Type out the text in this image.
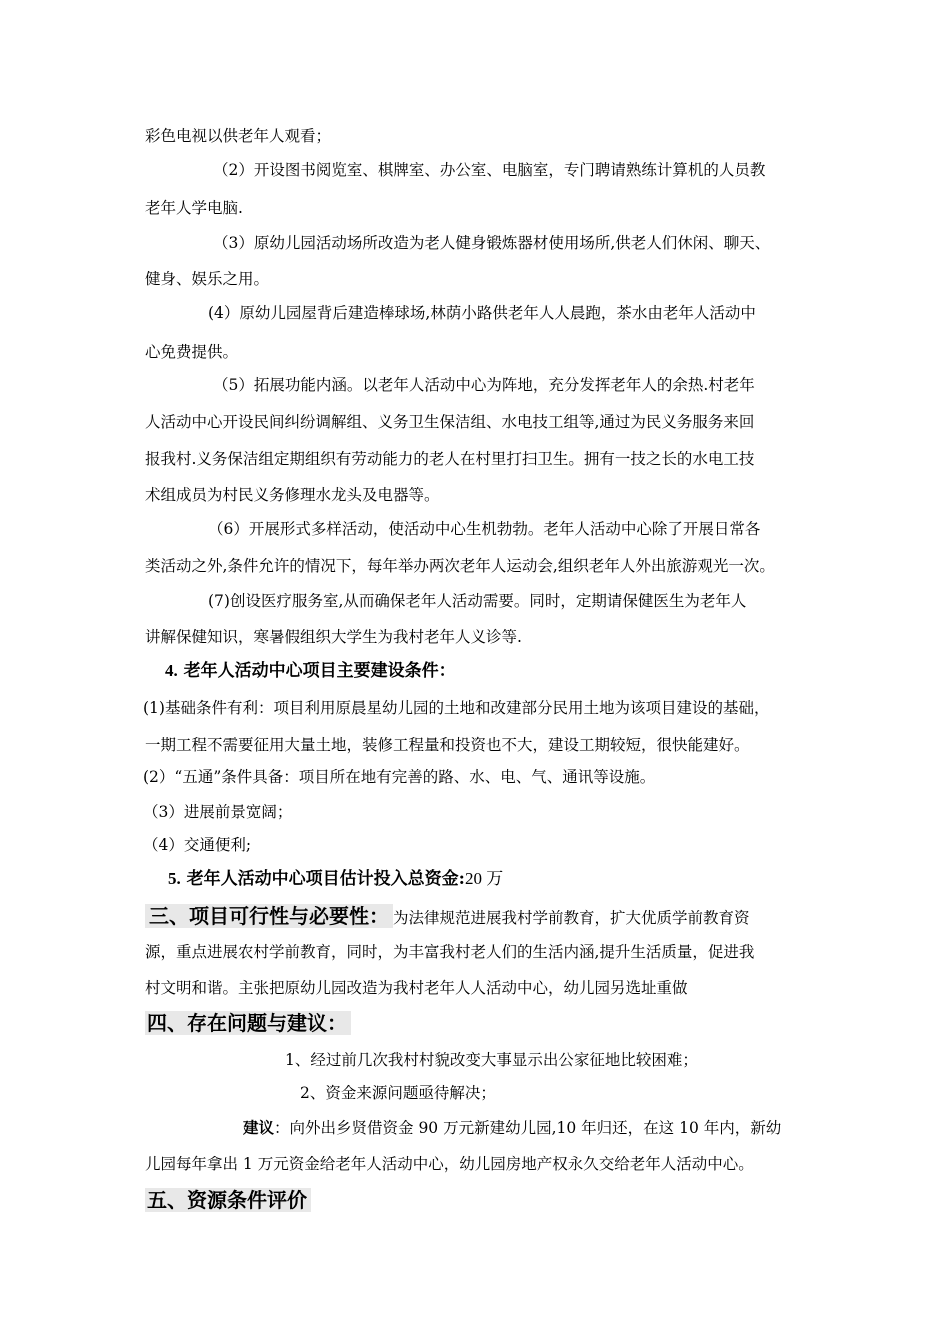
彩色电视以供老年人观看；
（2）开设图书阅览室、棋牌室、办公室、电脑室，专门聘请熟练计算机的人员教
老年人学电脑.
（3）原幼儿园活动场所改造为老人健身锻炼器材使用场所,供老人们休闲、聊天、
健身、娱乐之用。
(4）原幼儿园屋背后建造棒球场,林荫小路供老年人人晨跑，茶水由老年人活动中
心免费提供。
（5）拓展功能内涵。以老年人活动中心为阵地，充分发挥老年人的余热.村老年
人活动中心开设民间纠纷调解组、义务卫生保洁组、水电技工组等,通过为民义务服务来回
报我村.义务保洁组定期组织有劳动能力的老人在村里打扫卫生。拥有一技之长的水电工技
术组成员为村民义务修理水龙头及电器等。
（6）开展形式多样活动，使活动中心生机勃勃。老年人活动中心除了开展日常各
类活动之外,条件允许的情况下，每年举办两次老年人运动会,组织老年人外出旅游观光一次。
(7)创设医疗服务室,从而确保老年人活动需要。同时，定期请保健医生为老年人
讲解保健知识，寒暑假组织大学生为我村老年人义诊等.
4. 老年人活动中心项目主要建设条件：
(1)基础条件有利：项目利用原晨星幼儿园的土地和改建部分民用土地为该项目建设的基础，
一期工程不需要征用大量土地，装修工程量和投资也不大，建设工期较短，很快能建好。
(2）“五通”条件具备：项目所在地有完善的路、水、电、气、通讯等设施。
（3）进展前景宽阔；
（4）交通便利;
5. 老年人活动中心项目估计投入总资金:20 万
三、项目可行性与必要性： 为法律规范进展我村学前教育，扩大优质学前教育资
源，重点进展农村学前教育，同时，为丰富我村老人们的生活内涵,提升生活质量，促进我
村文明和谐。主张把原幼儿园改造为我村老年人人活动中心，幼儿园另选址重做
四、存在问题与建议：
1、经过前几次我村村貌改变大事显示出公家征地比较困难；
2、资金来源问题亟待解决；
建议：向外出乡贤借资金 90 万元新建幼儿园,10 年归还，在这 10 年内，新幼
儿园每年拿出 1 万元资金给老年人活动中心，幼儿园房地产权永久交给老年人活动中心。
五、资源条件评价
